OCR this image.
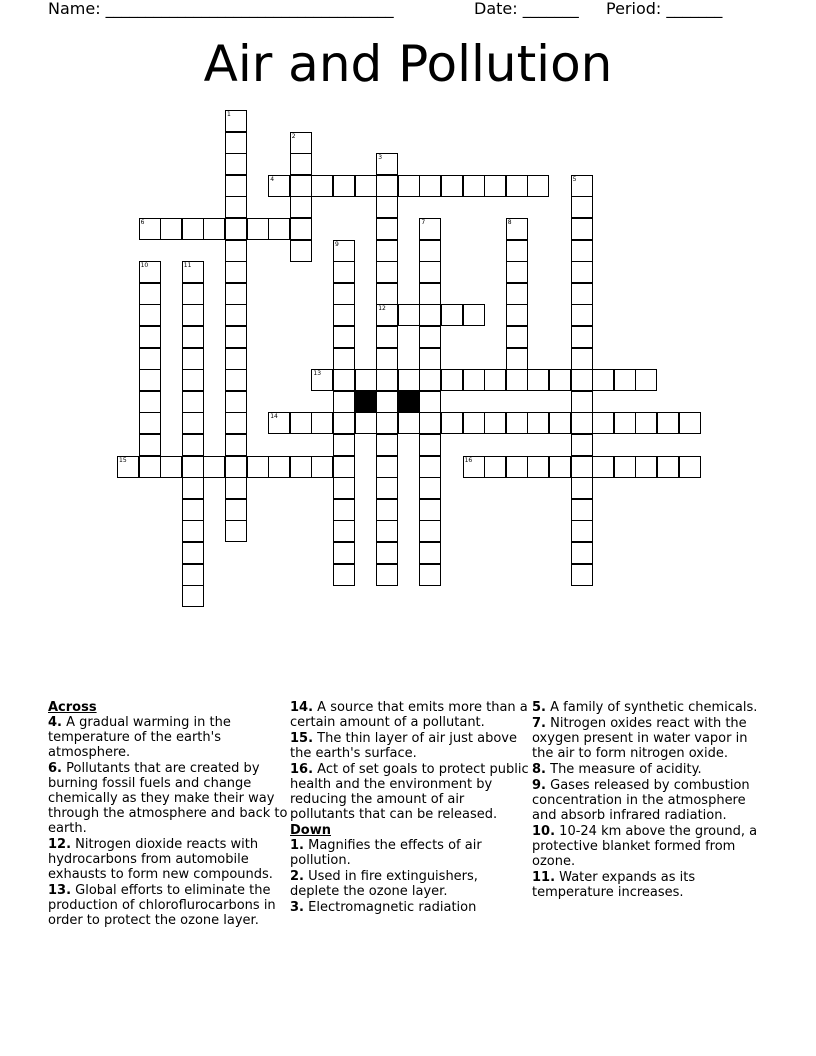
Name: ____________________________________	Date: _______ Period: _______
Air and Pollution
1
2
3
4	5
6	7	8
9
10	11
12
13
14
15	16
Across
4. A gradual warming in the temperature of the earth's atmosphere.
6. Pollutants that are created by burning fossil fuels and change chemically as they make their way through the atmosphere and back to earth.
12. Nitrogen dioxide reacts with hydrocarbons from automobile exhausts to form new compounds.
13. Global efforts to eliminate the production of chloroflurocarbons in order to protect the ozone layer.
14. A source that emits more than a certain amount of a pollutant.
15. The thin layer of air just above the earth's surface.
16. Act of set goals to protect public health and the environment by reducing the amount of air pollutants that can be released.
Down
1. Magnifies the effects of air pollution.
2. Used in fire extinguishers, deplete the ozone layer.
3. Electromagnetic radiation
5. A family of synthetic chemicals.
7. Nitrogen oxides react with the oxygen present in water vapor in the air to form nitrogen oxide.
8. The measure of acidity.
9. Gases released by combustion concentration in the atmosphere and absorb infrared radiation.
10. 10-24 km above the ground, a protective blanket formed from ozone.
11. Water expands as its temperature increases.
